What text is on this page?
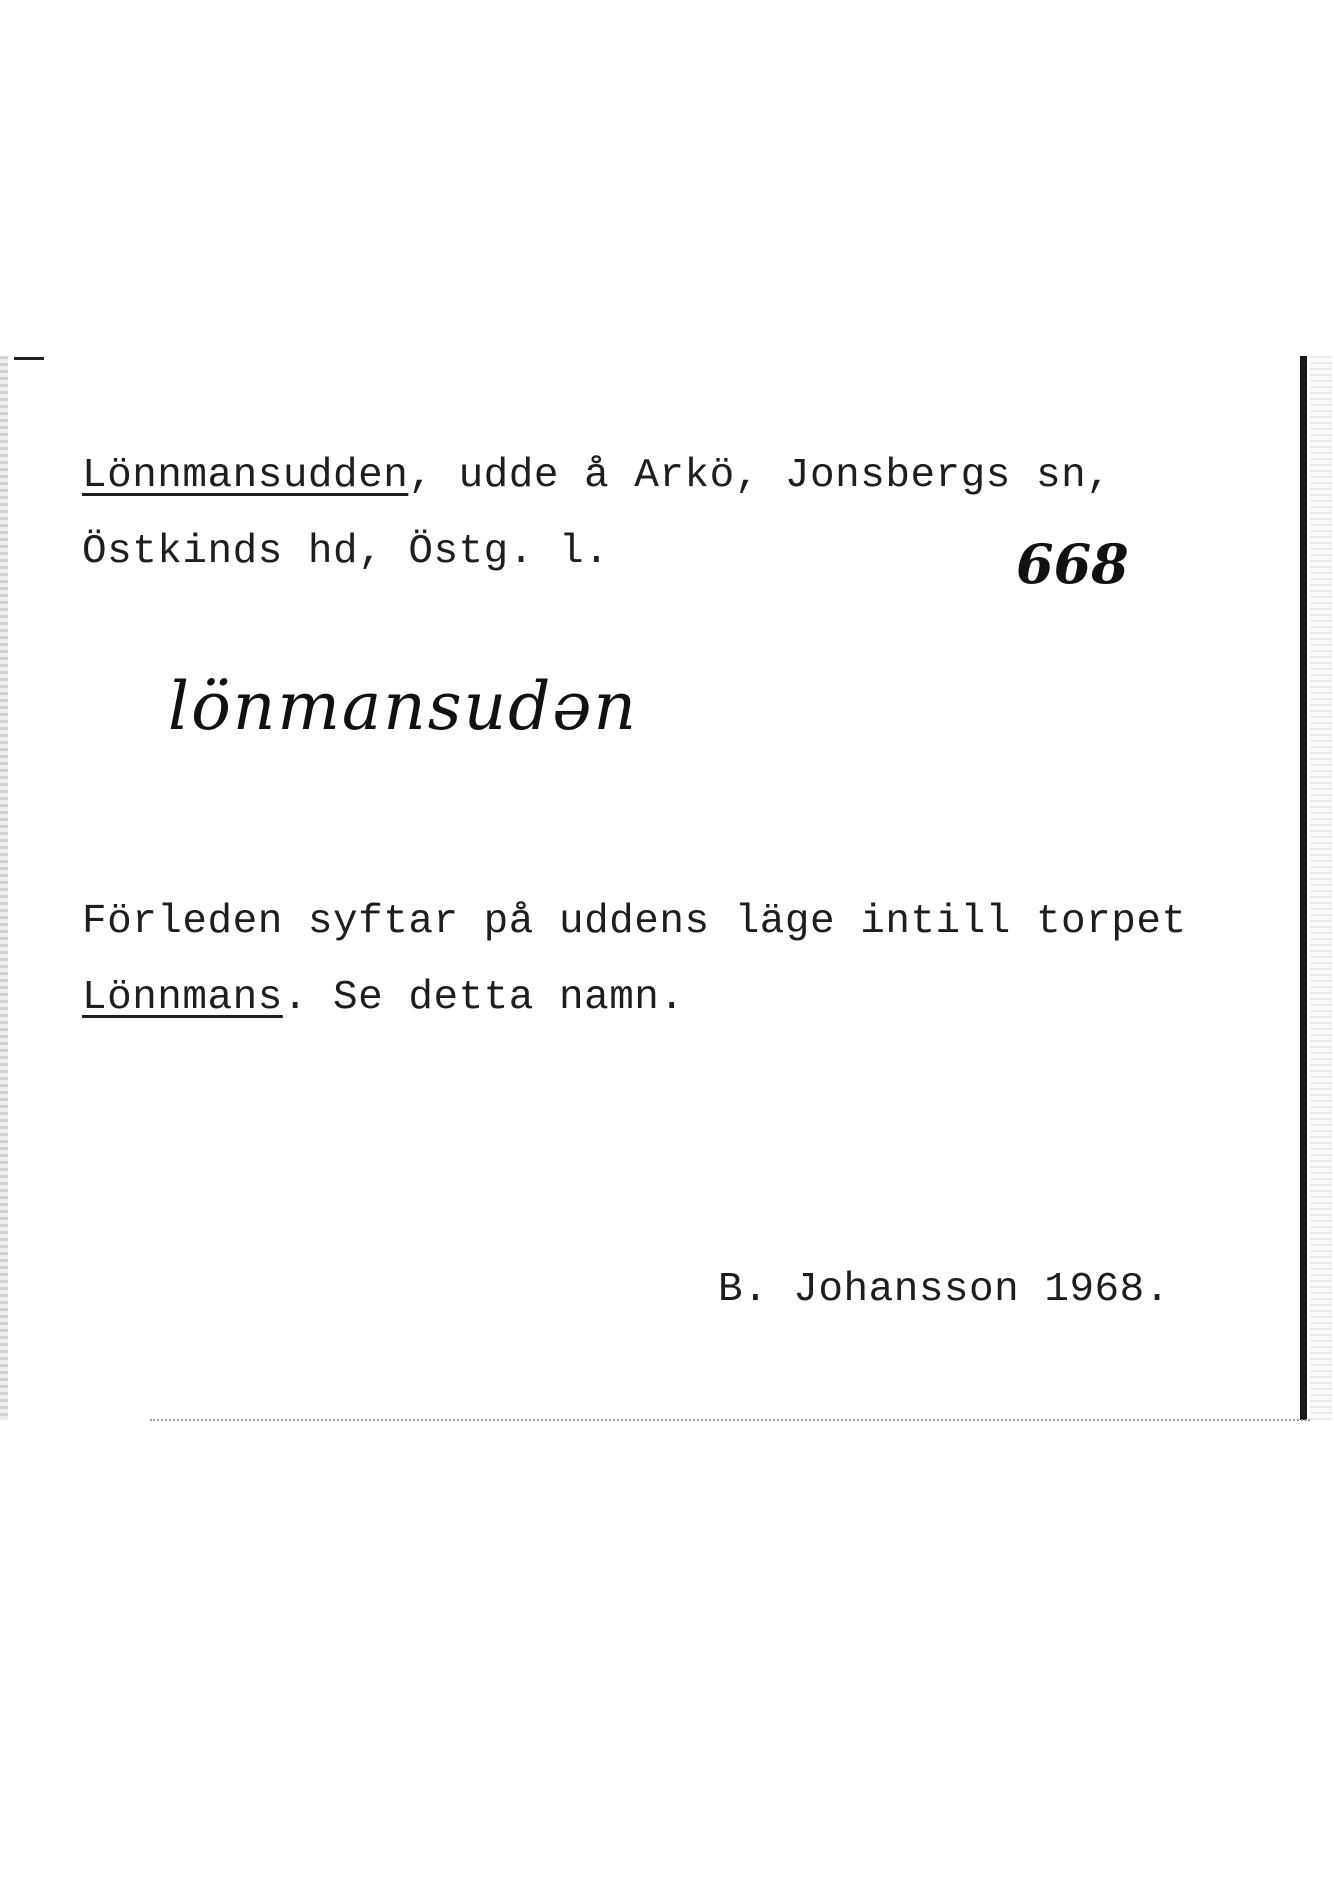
Lönnmansudden, udde å Arkö, Jonsbergs sn,
Östkinds hd, Östg. l.	668
lönmansudən
Förleden syftar på uddens läge intill torpet
Lönnmans. Se detta namn.
B. Johansson 1968.
